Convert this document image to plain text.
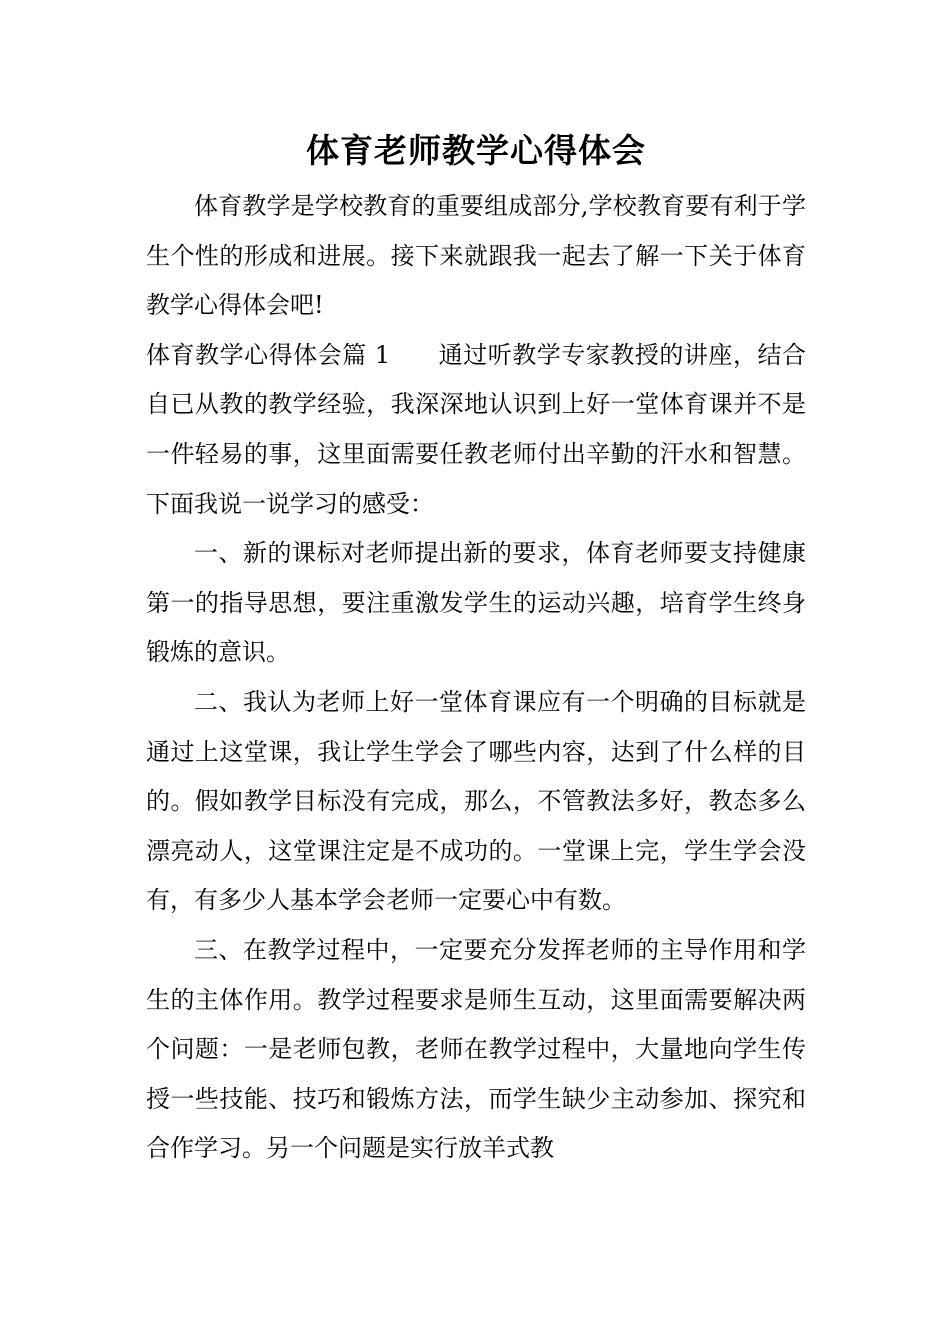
体育老师教学心得体会

体育教学是学校教育的重要组成部分,学校教育要有利于学生个性的形成和进展。接下来就跟我一起去了解一下关于体育教学心得体会吧!

体育教学心得体会篇 1 通过听教学专家教授的讲座，结合自已从教的教学经验，我深深地认识到上好一堂体育课并不是一件轻易的事，这里面需要任教老师付出辛勤的汗水和智慧。下面我说一说学习的感受：

一、新的课标对老师提出新的要求，体育老师要支持健康第一的指导思想，要注重激发学生的运动兴趣，培育学生终身锻炼的意识。

二、我认为老师上好一堂体育课应有一个明确的目标就是通过上这堂课，我让学生学会了哪些内容，达到了什么样的目的。假如教学目标没有完成，那么，不管教法多好，教态多么漂亮动人，这堂课注定是不成功的。一堂课上完，学生学会没有，有多少人基本学会老师一定要心中有数。

三、在教学过程中，一定要充分发挥老师的主导作用和学生的主体作用。教学过程要求是师生互动，这里面需要解决两个问题：一是老师包教，老师在教学过程中，大量地向学生传授一些技能、技巧和锻炼方法，而学生缺少主动参加、探究和合作学习。另一个问题是实行放羊式教
